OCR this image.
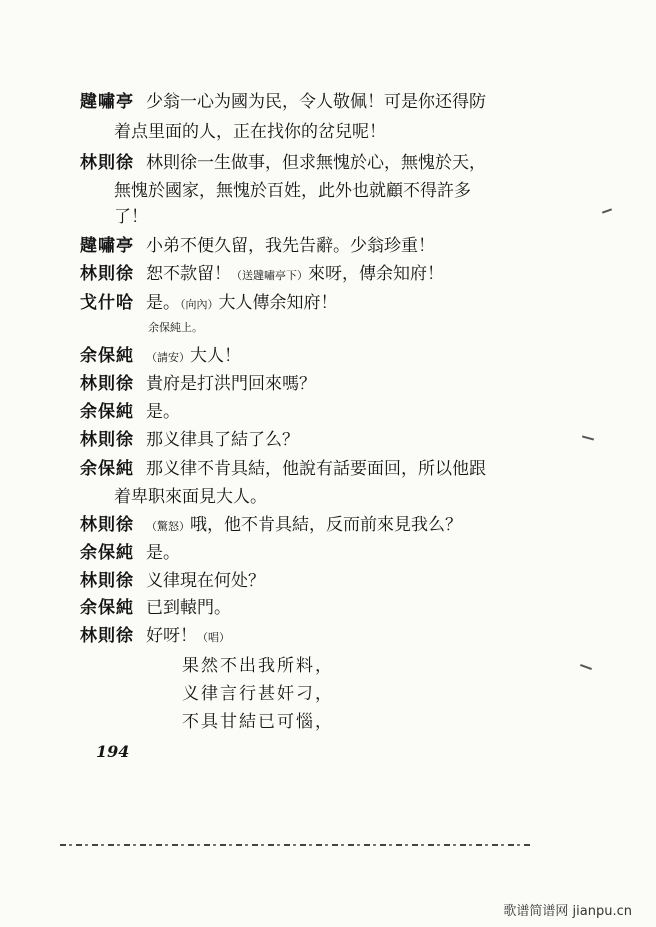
韙嘯亭 少翁一心为國为民，令人敬佩！可是你还得防
着点里面的人，正在找你的岔兒呢！
林則徐 林則徐一生做事，但求無愧於心，無愧於天，
無愧於國家，無愧於百姓，此外也就顧不得許多
了！
韙嘯亭 小弟不便久留，我先告辭。少翁珍重！
林則徐 恕不款留！（送韙嘯亭下）來呀，傳余知府！
戈什哈 是。（向內）大人傳余知府！
余保純上。
余保純 （請安）大人！
林則徐 貴府是打洪門回來嗎？
余保純 是。
林則徐 那义律具了結了么？
余保純 那义律不肯具結，他說有話要面回，所以他跟
着卑职來面見大人。
林則徐 （驚怒）哦，他不肯具結，反而前來見我么？
余保純 是。
林則徐 义律現在何处？
余保純 已到轅門。
林則徐 好呀！（唱）
果然不出我所料，
义律言行甚奸刁，
不具甘結已可惱，
194
歌谱简谱网 jianpu.cn
